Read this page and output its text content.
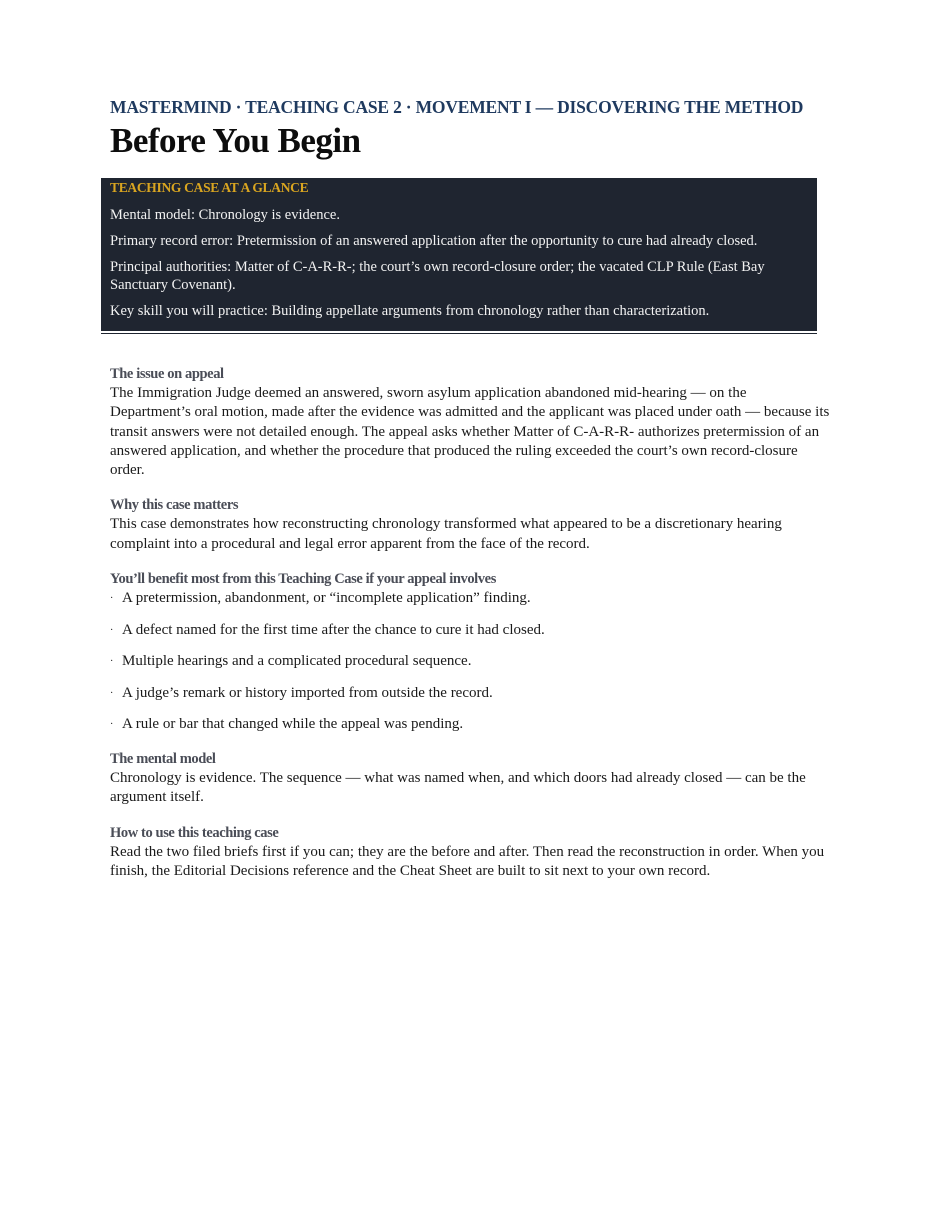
MASTERMIND · TEACHING CASE 2 · MOVEMENT I — DISCOVERING THE METHOD
Before You Begin
TEACHING CASE AT A GLANCE

Mental model: Chronology is evidence.

Primary record error: Pretermission of an answered application after the opportunity to cure had already closed.

Principal authorities: Matter of C-A-R-R-; the court’s own record-closure order; the vacated CLP Rule (East Bay Sanctuary Covenant).

Key skill you will practice: Building appellate arguments from chronology rather than characterization.

The issue on appeal

The Immigration Judge deemed an answered, sworn asylum application abandoned mid-hearing — on the Department’s oral motion, made after the evidence was admitted and the applicant was placed under oath — because its transit answers were not detailed enough. The appeal asks whether Matter of C-A-R-R- authorizes pretermission of an answered application, and whether the procedure that produced the ruling exceeded the court’s own record-closure order.

Why this case matters

This case demonstrates how reconstructing chronology transformed what appeared to be a discretionary hearing complaint into a procedural and legal error apparent from the face of the record.

You’ll benefit most from this Teaching Case if your appeal involves
· A pretermission, abandonment, or “incomplete application” finding.
· A defect named for the first time after the chance to cure it had closed.
· Multiple hearings and a complicated procedural sequence.
· A judge’s remark or history imported from outside the record.
· A rule or bar that changed while the appeal was pending.
The mental model

Chronology is evidence. The sequence — what was named when, and which doors had already closed — can be the argument itself.

How to use this teaching case

Read the two filed briefs first if you can; they are the before and after. Then read the reconstruction in order. When you finish, the Editorial Decisions reference and the Cheat Sheet are built to sit next to your own record.
